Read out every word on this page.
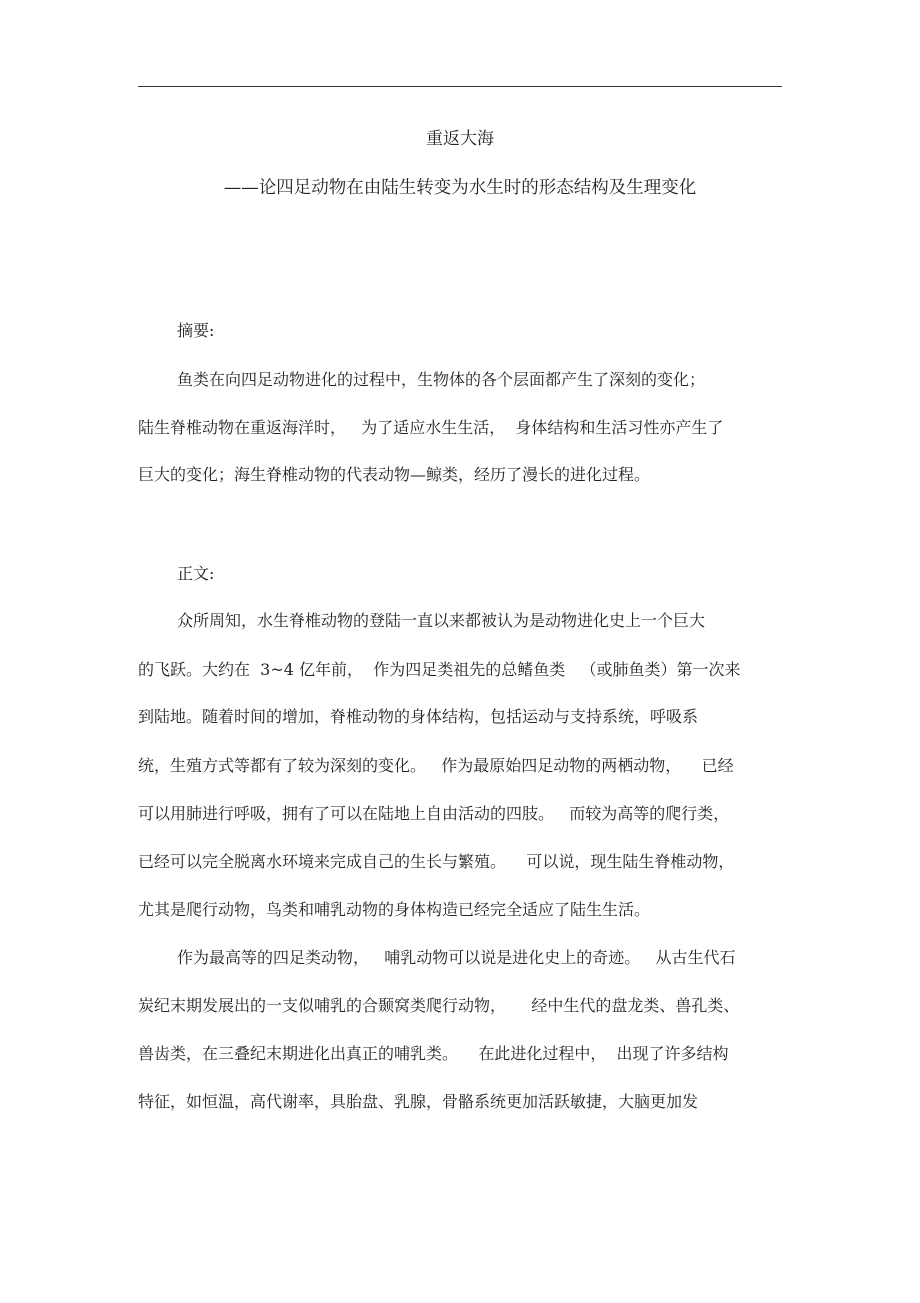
重返大海
——论四足动物在由陆生转变为水生时的形态结构及生理变化
摘要:
鱼类在向四足动物进化的过程中，生物体的各个层面都产生了深刻的变化；
陆生脊椎动物在重返海洋时，   为了适应水生生活，  身体结构和生活习性亦产生了
巨大的变化；海生脊椎动物的代表动物—鲸类，经历了漫长的进化过程。
正文:
众所周知，水生脊椎动物的登陆一直以来都被认为是动物进化史上一个巨大
的飞跃。大约在  3~4 亿年前，  作为四足类祖先的总鳍鱼类   （或肺鱼类）第一次来
到陆地。随着时间的增加，脊椎动物的身体结构，包括运动与支持系统，呼吸系
统，生殖方式等都有了较为深刻的变化。   作为最原始四足动物的两栖动物，    已经
可以用肺进行呼吸，拥有了可以在陆地上自由活动的四肢。   而较为高等的爬行类，
已经可以完全脱离水环境来完成自己的生长与繁殖。    可以说，现生陆生脊椎动物，
尤其是爬行动物，鸟类和哺乳动物的身体构造已经完全适应了陆生生活。
作为最高等的四足类动物，   哺乳动物可以说是进化史上的奇迹。   从古生代石
炭纪末期发展出的一支似哺乳的合颞窝类爬行动物，     经中生代的盘龙类、兽孔类、
兽齿类，在三叠纪末期进化出真正的哺乳类。    在此进化过程中，  出现了许多结构
特征，如恒温，高代谢率，具胎盘、乳腺，骨骼系统更加活跃敏捷，大脑更加发
